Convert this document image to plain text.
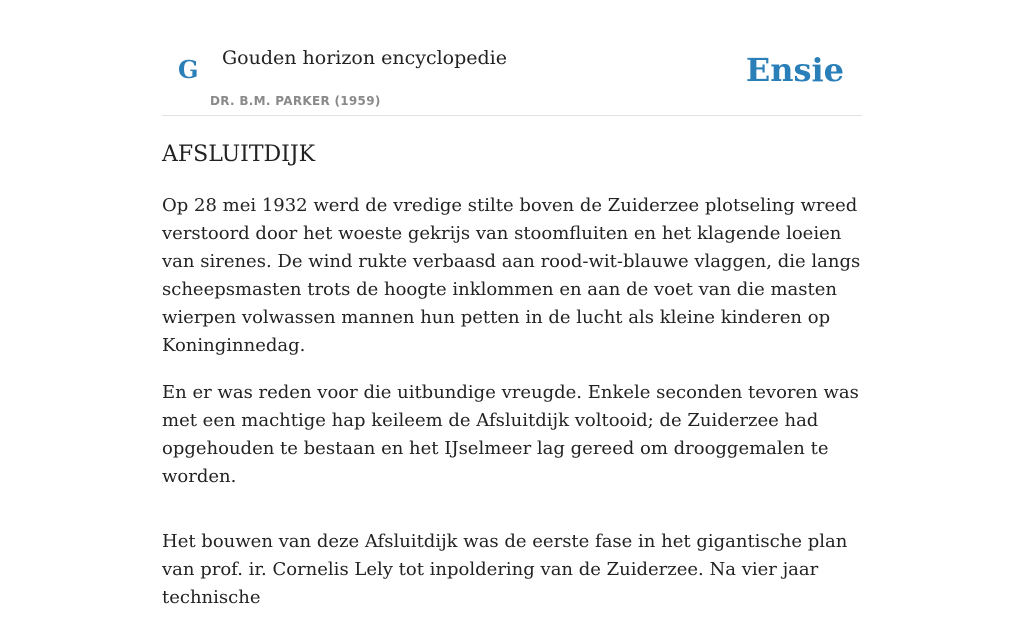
G Gouden horizon encyclopedie
DR. B.M. PARKER (1959)
Ensie
AFSLUITDIJK

Op 28 mei 1932 werd de vredige stilte boven de Zuiderzee plotseling wreed verstoord door het woeste gekrijs van stoomfluiten en het klagende loeien van sirenes. De wind rukte verbaasd aan rood-wit-blauwe vlaggen, die langs scheepsmasten trots de hoogte inklommen en aan de voet van die masten wierpen volwassen mannen hun petten in de lucht als kleine kinderen op Koninginnedag.

En er was reden voor die uitbundige vreugde. Enkele seconden tevoren was met een machtige hap keileem de Afsluitdijk voltooid; de Zuiderzee had opgehouden te bestaan en het IJselmeer lag gereed om drooggemalen te worden.

Het bouwen van deze Afsluitdijk was de eerste fase in het gigantische plan van prof. ir. Cornelis Lely tot inpoldering van de Zuiderzee. Na vier jaar technische
